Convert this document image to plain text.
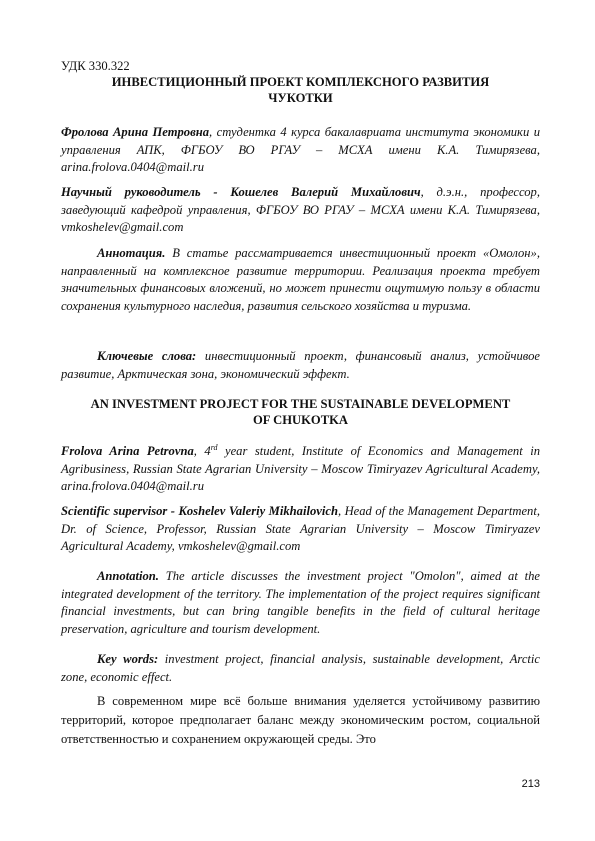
УДК 330.322

ИНВЕСТИЦИОННЫЙ ПРОЕКТ КОМПЛЕКСНОГО РАЗВИТИЯ ЧУКОТКИ

Фролова Арина Петровна, студентка 4 курса бакалавриата института экономики и управления АПК, ФГБОУ ВО РГАУ – МСХА имени К.А. Тимирязева, arina.frolova.0404@mail.ru

Научный руководитель - Кошелев Валерий Михайлович, д.э.н., профессор, заведующий кафедрой управления, ФГБОУ ВО РГАУ – МСХА имени К.А. Тимирязева, vmkoshelev@gmail.com

Аннотация. В статье рассматривается инвестиционный проект «Омолон», направленный на комплексное развитие территории. Реализация проекта требует значительных финансовых вложений, но может принести ощутимую пользу в области сохранения культурного наследия, развития сельского хозяйства и туризма.

Ключевые слова: инвестиционный проект, финансовый анализ, устойчивое развитие, Арктическая зона, экономический эффект.

AN INVESTMENT PROJECT FOR THE SUSTAINABLE DEVELOPMENT OF CHUKOTKA

Frolova Arina Petrovna, 4rd year student, Institute of Economics and Management in Agribusiness, Russian State Agrarian University – Moscow Timiryazev Agricultural Academy, arina.frolova.0404@mail.ru

Scientific supervisor - Koshelev Valeriy Mikhailovich, Head of the Management Department, Dr. of Science, Professor, Russian State Agrarian University – Moscow Timiryazev Agricultural Academy, vmkoshelev@gmail.com

Annotation. The article discusses the investment project "Omolon", aimed at the integrated development of the territory. The implementation of the project requires significant financial investments, but can bring tangible benefits in the field of cultural heritage preservation, agriculture and tourism development.

Key words: investment project, financial analysis, sustainable development, Arctic zone, economic effect.

В современном мире всё больше внимания уделяется устойчивому развитию территорий, которое предполагает баланс между экономическим ростом, социальной ответственностью и сохранением окружающей среды. Это

213
